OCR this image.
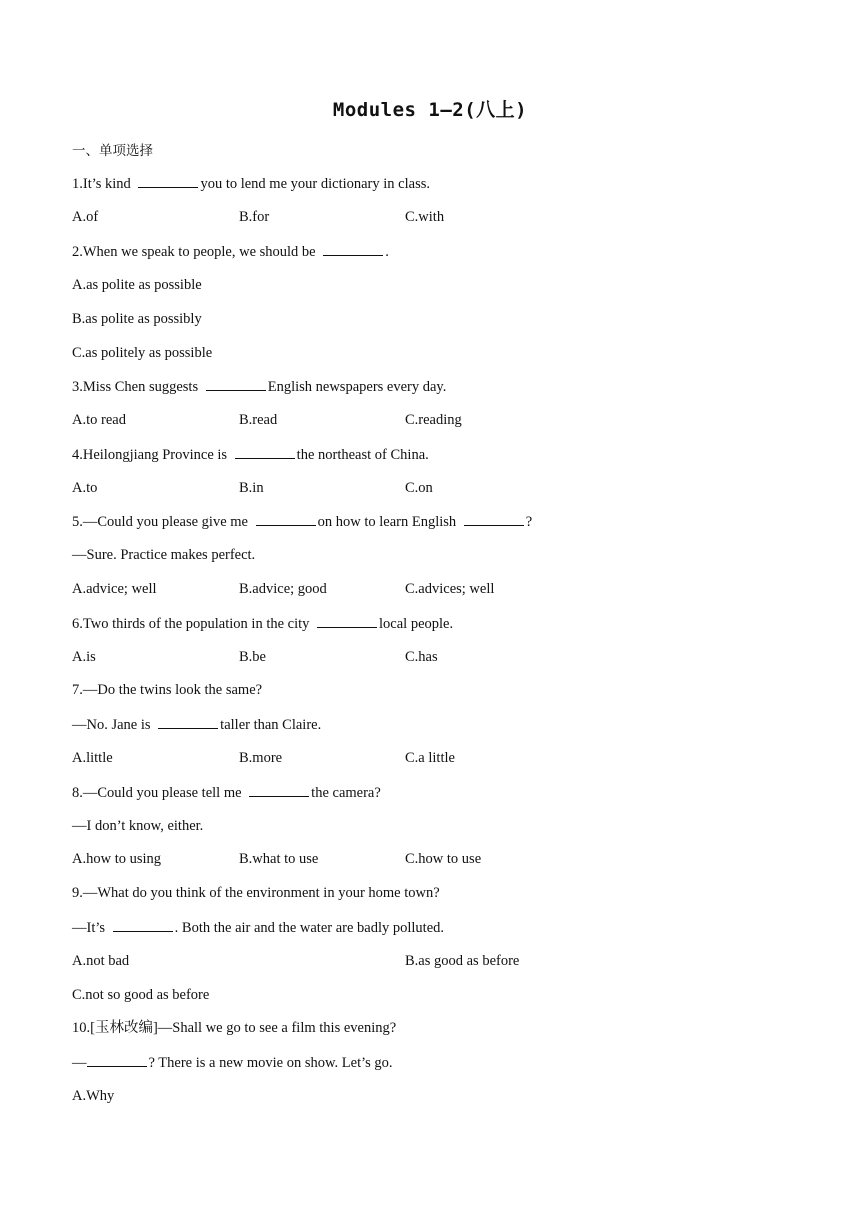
Modules 1—2(八上)
一、单项选择
1.It’s kind	you to lend me your dictionary in class.
A.of	B.for	C.with
2.When we speak to people, we should be	.
A.as polite as possible
B.as polite as possibly
C.as politely as possible
3.Miss Chen suggests	English newspapers every day.
A.to read	B.read	C.reading
4.Heilongjiang Province is	the northeast of China.
A.to	B.in	C.on
5.—Could you please give me	on how to learn English	?
—Sure. Practice makes perfect.
A.advice; well	B.advice; good	C.advices; well
6.Two thirds of the population in the city	local people.
A.is	B.be	C.has
7.—Do the twins look the same?
—No. Jane is	taller than Claire.
A.little	B.more	C.a little
8.—Could you please tell me	the camera?
—I don’t know, either.
A.how to using	B.what to use	C.how to use
9.—What do you think of the environment in your home town?
—It’s	. Both the air and the water are badly polluted.
A.not bad	B.as good as before
C.not so good as before
10.[玉林改编]—Shall we go to see a film this evening?
—	? There is a new movie on show. Let’s go.
A.Why
